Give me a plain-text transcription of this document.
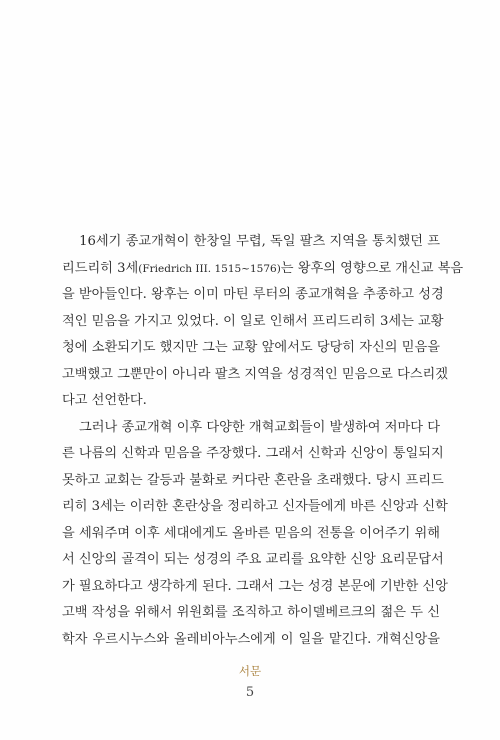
16세기 종교개혁이 한창일 무렵, 독일 팔츠 지역을 통치했던 프
리드리히 3세(Friedrich III. 1515~1576)는 왕후의 영향으로 개신교 복음
을 받아들인다. 왕후는 이미 마틴 루터의 종교개혁을 추종하고 성경
적인 믿음을 가지고 있었다. 이 일로 인해서 프리드리히 3세는 교황
청에 소환되기도 했지만 그는 교황 앞에서도 당당히 자신의 믿음을
고백했고 그뿐만이 아니라 팔츠 지역을 성경적인 믿음으로 다스리겠
다고 선언한다.
그러나 종교개혁 이후 다양한 개혁교회들이 발생하여 저마다 다
른 나름의 신학과 믿음을 주장했다. 그래서 신학과 신앙이 통일되지
못하고 교회는 갈등과 불화로 커다란 혼란을 초래했다. 당시 프리드
리히 3세는 이러한 혼란상을 정리하고 신자들에게 바른 신앙과 신학
을 세워주며 이후 세대에게도 올바른 믿음의 전통을 이어주기 위해
서 신앙의 골격이 되는 성경의 주요 교리를 요약한 신앙 요리문답서
가 필요하다고 생각하게 된다. 그래서 그는 성경 본문에 기반한 신앙
고백 작성을 위해서 위원회를 조직하고 하이델베르크의 젊은 두 신
학자 우르시누스와 올레비아누스에게 이 일을 맡긴다. 개혁신앙을
서문
5
